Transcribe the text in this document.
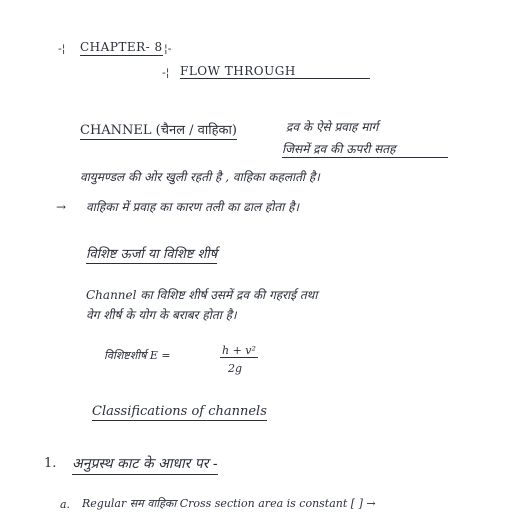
-¦ CHAPTER- 8 ¦-
-¦ FLOW THROUGH
CHANNEL (चैनल / वाहिका)	द्रव के ऐसे प्रवाह मार्ग
जिसमें द्रव की ऊपरी सतह
वायुमण्डल की ओर खुली रहती है , वाहिका कहलाती है।
→ वाहिका में प्रवाह का कारण तली का ढाल होता है।
विशिष्ट ऊर्जा या विशिष्ट शीर्ष
Channel का विशिष्ट शीर्ष उसमें द्रव की गहराई तथा
वेग शीर्ष के योग के बराबर होता है।
विशिष्टशीर्ष E =	h + v²
2g
Classifications of channels
1. अनुप्रस्थ काट के आधार पर -
a. Regular सम वाहिका Cross section area is constant [ ] →
